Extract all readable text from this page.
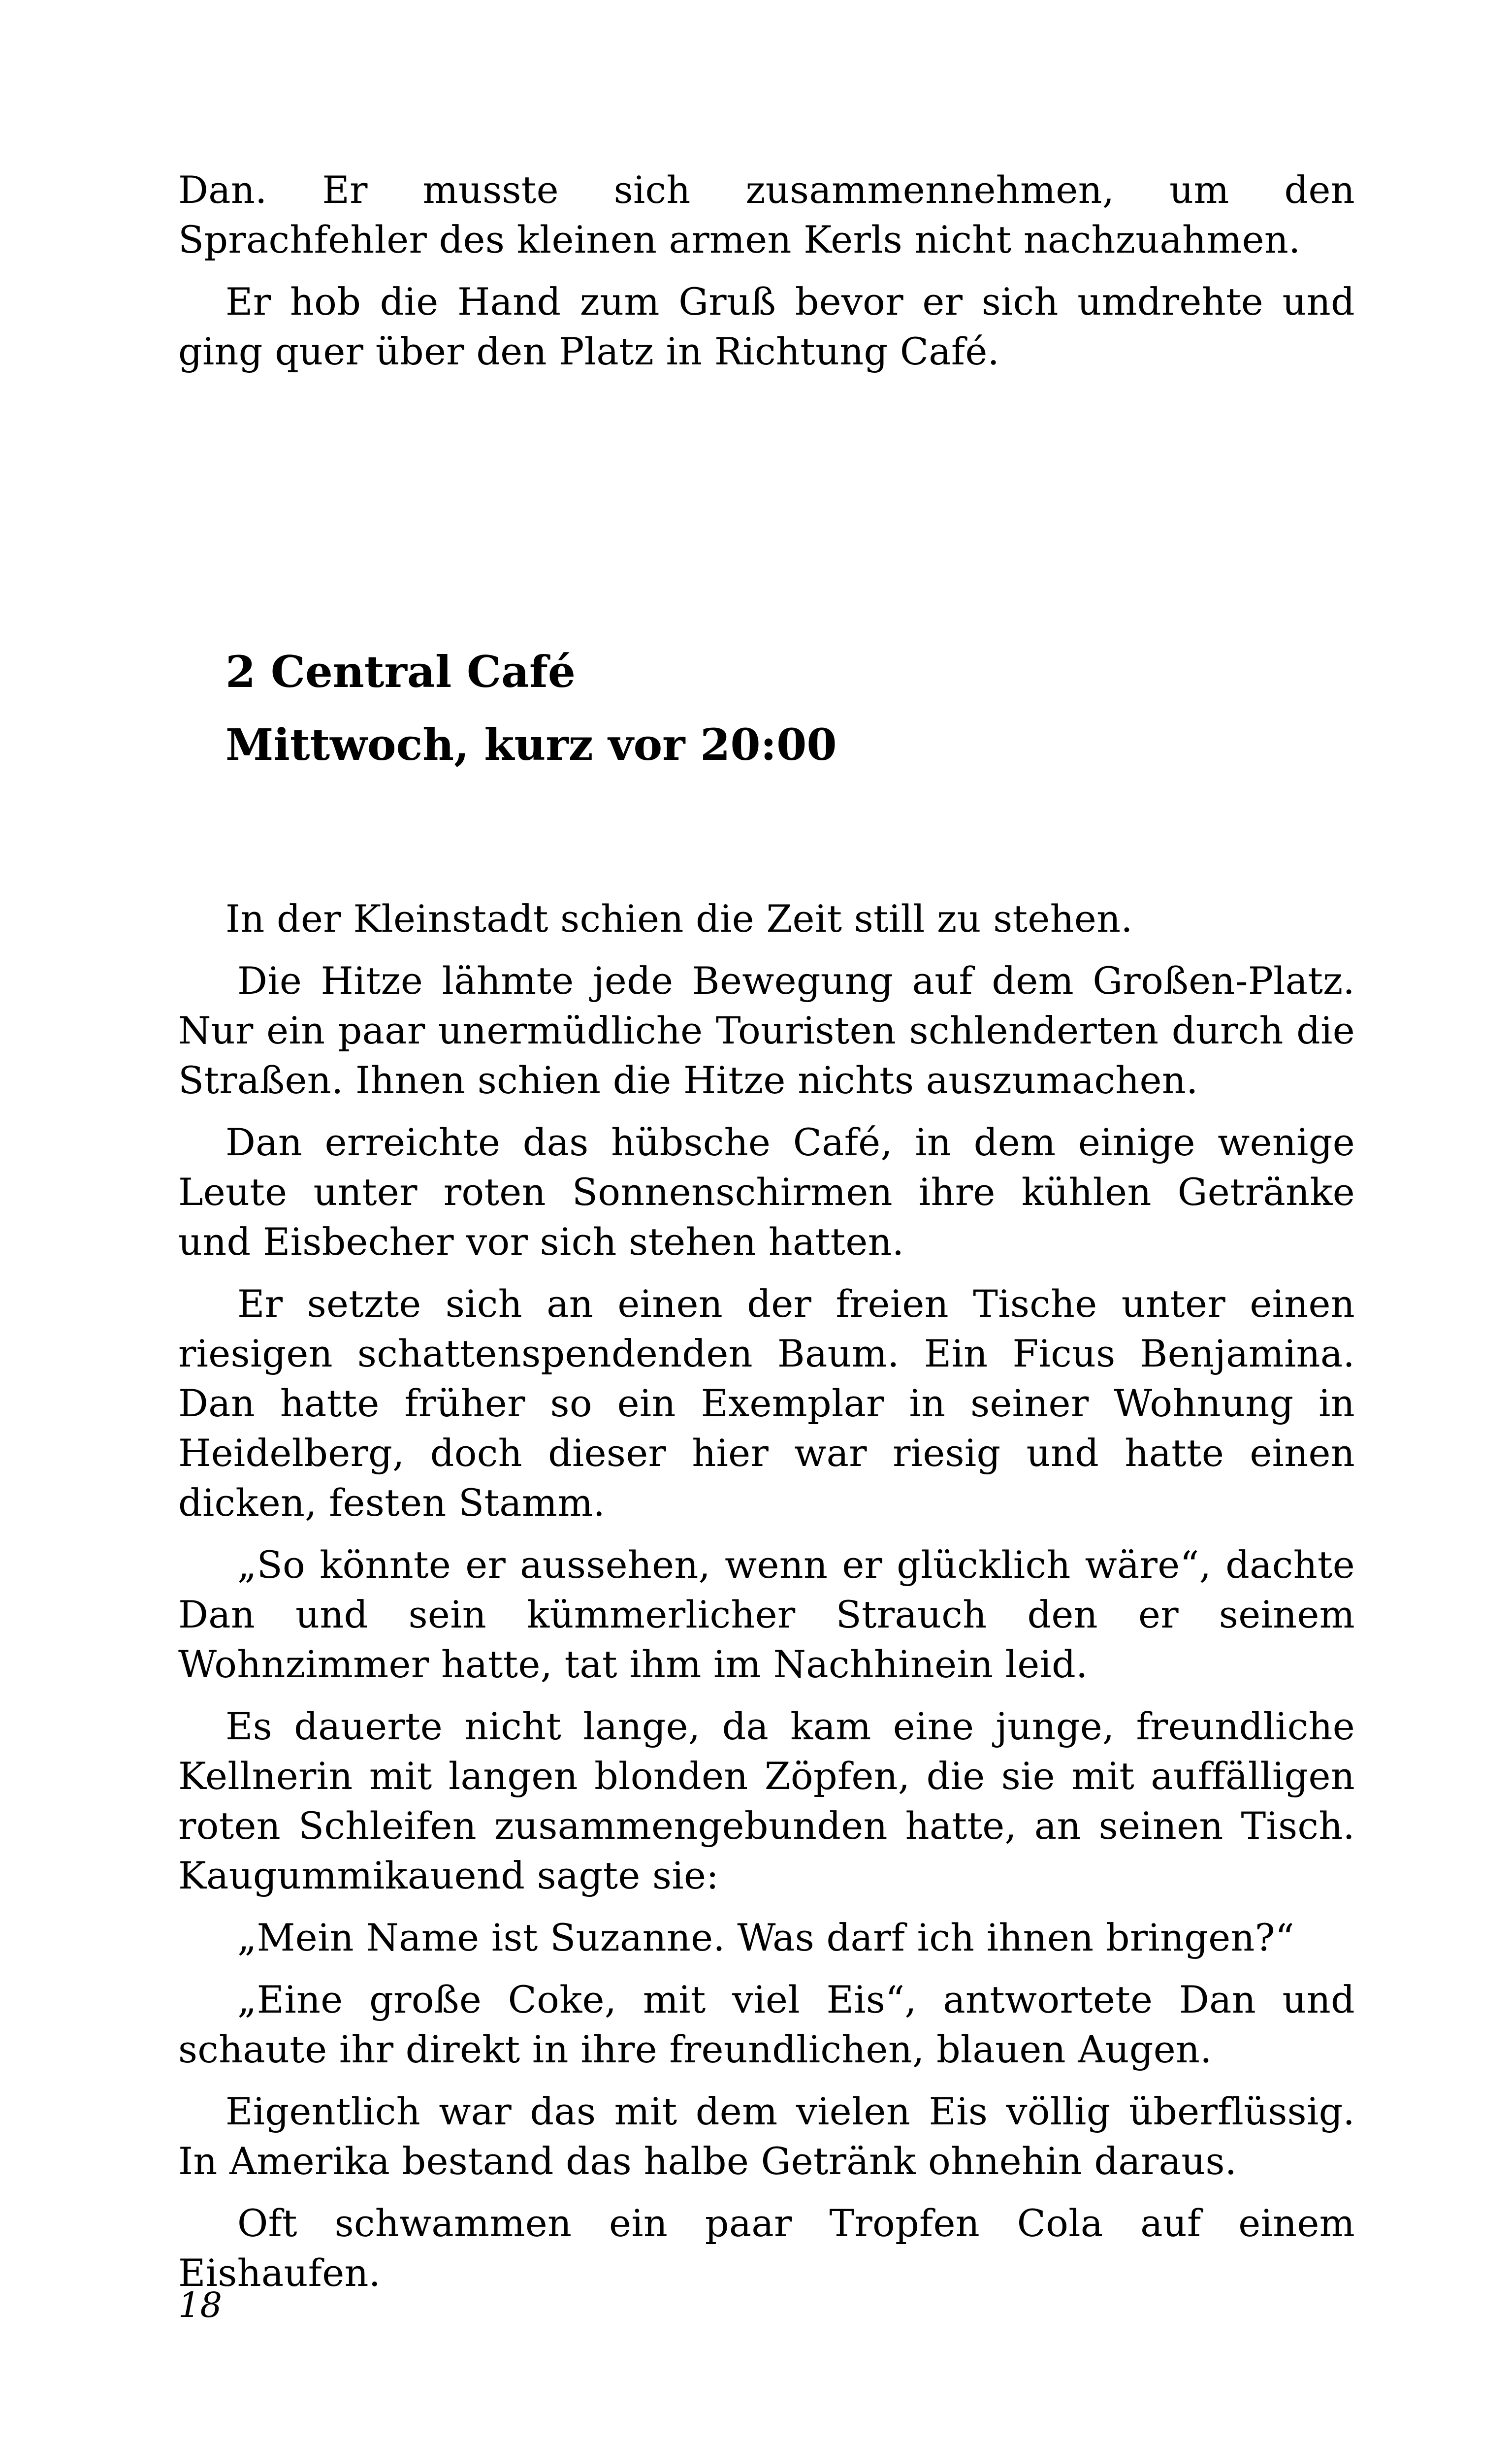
Dan. Er musste sich zusammennehmen, um den Sprachfehler des kleinen armen Kerls nicht nachzuahmen.

Er hob die Hand zum Gruß bevor er sich umdrehte und ging quer über den Platz in Richtung Café.

2 Central Café
Mittwoch, kurz vor 20:00

In der Kleinstadt schien die Zeit still zu stehen.

Die Hitze lähmte jede Bewegung auf dem Großen-Platz. Nur ein paar unermüdliche Touristen schlenderten durch die Straßen. Ihnen schien die Hitze nichts auszumachen.

Dan erreichte das hübsche Café, in dem einige wenige Leute unter roten Sonnenschirmen ihre kühlen Getränke und Eisbecher vor sich stehen hatten.

Er setzte sich an einen der freien Tische unter einen riesigen schattenspendenden Baum. Ein Ficus Benjamina. Dan hatte früher so ein Exemplar in seiner Wohnung in Heidelberg, doch dieser hier war riesig und hatte einen dicken, festen Stamm.

„So könnte er aussehen, wenn er glücklich wäre“, dachte Dan und sein kümmerlicher Strauch den er seinem Wohnzimmer hatte, tat ihm im Nachhinein leid.

Es dauerte nicht lange, da kam eine junge, freundliche Kellnerin mit langen blonden Zöpfen, die sie mit auffälligen roten Schleifen zusammengebunden hatte, an seinen Tisch. Kaugummikauend sagte sie:

„Mein Name ist Suzanne. Was darf ich ihnen bringen?“

„Eine große Coke, mit viel Eis“, antwortete Dan und schaute ihr direkt in ihre freundlichen, blauen Augen.

Eigentlich war das mit dem vielen Eis völlig überflüssig. In Amerika bestand das halbe Getränk ohnehin daraus.

Oft schwammen ein paar Tropfen Cola auf einem Eishaufen.

18
